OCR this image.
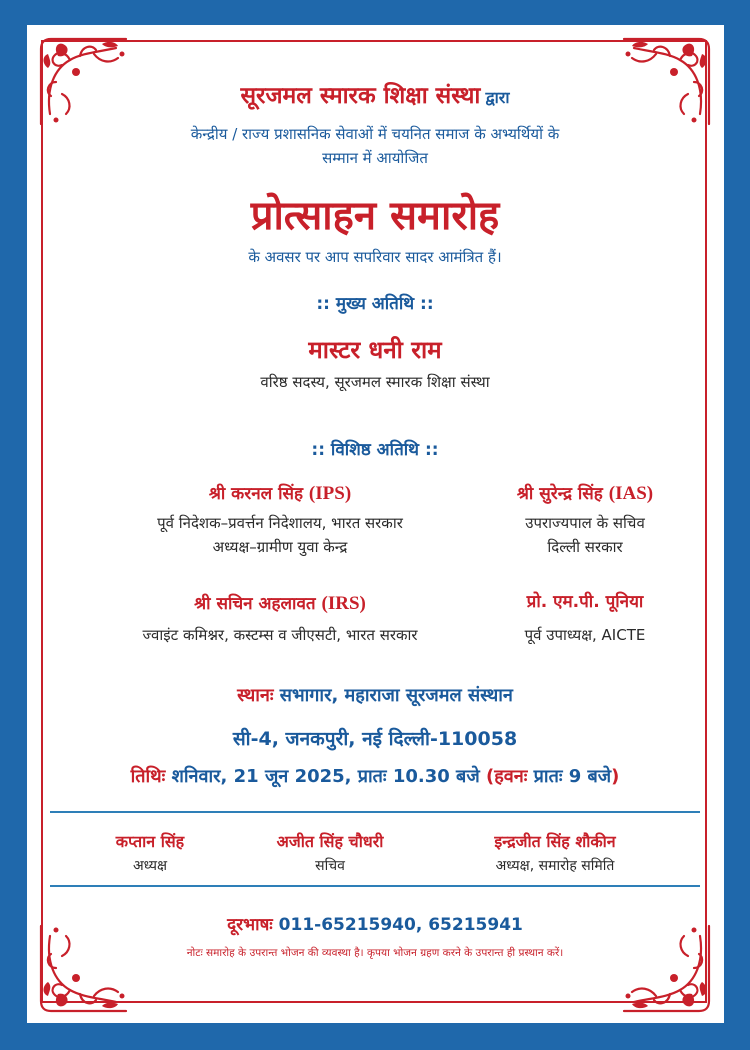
सूरजमल स्मारक शिक्षा संस्था द्वारा
केन्द्रीय / राज्य प्रशासनिक सेवाओं में चयनित समाज के अभ्यर्थियों के
सम्मान में आयोजित
प्रोत्साहन समारोह
के अवसर पर आप सपरिवार सादर आमंत्रित हैं।
:: मुख्य अतिथि ::
मास्टर धनी राम
वरिष्ठ सदस्य, सूरजमल स्मारक शिक्षा संस्था
:: विशिष्ठ अतिथि ::
श्री करनल सिंह (IPS)
पूर्व निदेशक–प्रवर्त्तन निदेशालय, भारत सरकार
अध्यक्ष–ग्रामीण युवा केन्द्र
श्री सुरेन्द्र सिंह (IAS)
उपराज्यपाल के सचिव
दिल्ली सरकार
श्री सचिन अहलावत (IRS)
ज्वाइंट कमिश्नर, कस्टम्स व जीएसटी, भारत सरकार
प्रो. एम.पी. पूनिया
पूर्व उपाध्यक्ष, AICTE
स्थानः सभागार, महाराजा सूरजमल संस्थान
सी-4, जनकपुरी, नई दिल्ली-110058
तिथिः शनिवार, 21 जून 2025, प्रातः 10.30 बजे (हवनः प्रातः 9 बजे)
कप्तान सिंह
अध्यक्ष
अजीत सिंह चौधरी
सचिव
इन्द्रजीत सिंह शौकीन
अध्यक्ष, समारोह समिति
दूरभाषः 011-65215940, 65215941
नोटः समारोह के उपरान्त भोजन की व्यवस्था है। कृपया भोजन ग्रहण करने के उपरान्त ही प्रस्थान करें।
